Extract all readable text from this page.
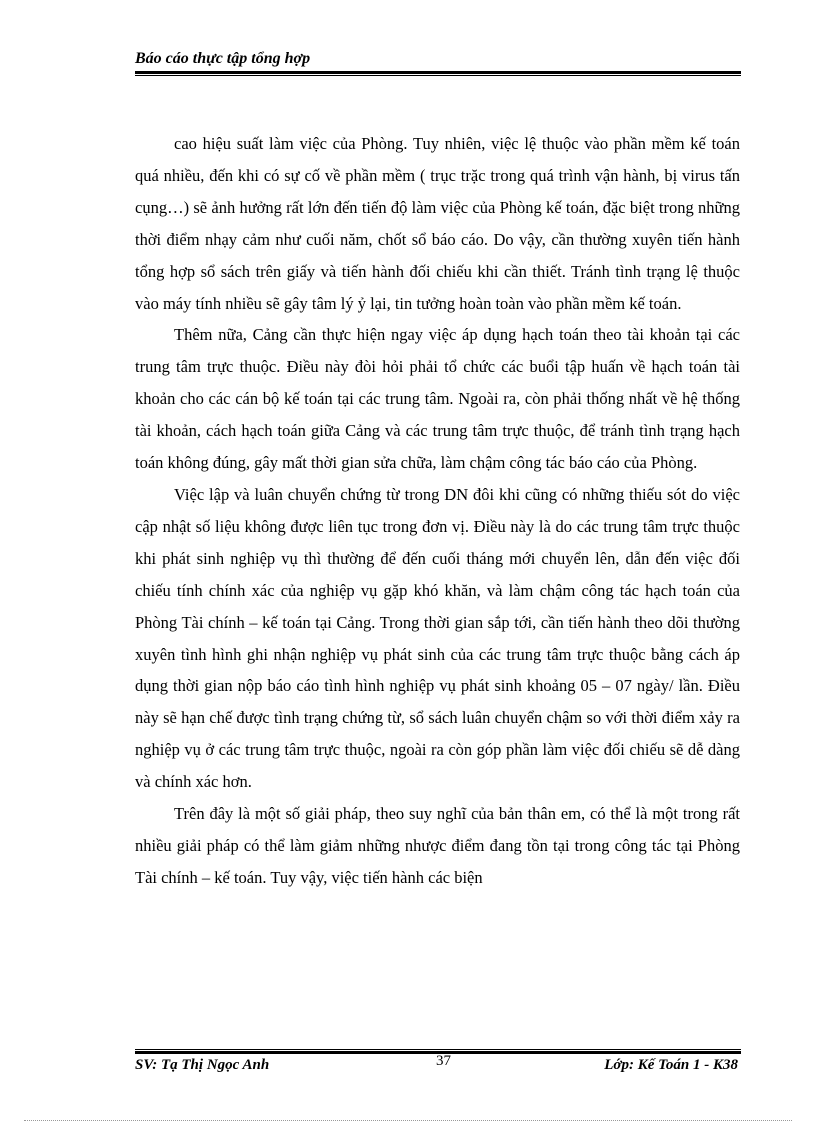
Báo cáo thực tập tổng hợp

cao hiệu suất làm việc của Phòng. Tuy nhiên, việc lệ thuộc vào phần mềm kế toán quá nhiều, đến khi có sự cố về phần mềm ( trục trặc trong quá trình vận hành, bị virus tấn cụng…) sẽ ảnh hưởng rất lớn đến tiến độ làm việc của Phòng kế toán, đặc biệt trong những thời điểm nhạy cảm như cuối năm, chốt sổ báo cáo. Do vậy, cần thường xuyên tiến hành tổng hợp sổ sách trên giấy và tiến hành đối chiếu khi cần thiết. Tránh tình trạng lệ thuộc vào máy tính nhiều sẽ gây tâm lý ỷ lại, tin tưởng hoàn toàn vào phần mềm kế toán.

Thêm nữa, Cảng cần thực hiện ngay việc áp dụng hạch toán theo tài khoản tại các trung tâm trực thuộc. Điều này đòi hỏi phải tổ chức các buổi tập huấn về hạch toán tài khoản cho các cán bộ kế toán tại các trung tâm. Ngoài ra, còn phải thống nhất về hệ thống tài khoản, cách hạch toán giữa Cảng và các trung tâm trực thuộc, để tránh tình trạng hạch toán không đúng, gây mất thời gian sửa chữa, làm chậm công tác báo cáo của Phòng.

Việc lập và luân chuyển chứng từ trong DN đôi khi cũng có những thiếu sót do việc cập nhật số liệu không được liên tục trong đơn vị. Điều này là do các trung tâm trực thuộc khi phát sinh nghiệp vụ thì thường để đến cuối tháng mới chuyển lên, dẫn đến việc đối chiếu tính chính xác của nghiệp vụ gặp khó khăn, và làm chậm công tác hạch toán của Phòng Tài chính – kế toán tại Cảng. Trong thời gian sắp tới, cần tiến hành theo dõi thường xuyên tình hình ghi nhận nghiệp vụ phát sinh của các trung tâm trực thuộc bằng cách áp dụng thời gian nộp báo cáo tình hình nghiệp vụ phát sinh khoảng 05 – 07 ngày/ lần. Điều này sẽ hạn chế được tình trạng chứng từ, sổ sách luân chuyển chậm so với thời điểm xảy ra nghiệp vụ ở các trung tâm trực thuộc, ngoài ra còn góp phần làm việc đối chiếu sẽ dễ dàng và chính xác hơn.

Trên đây là một số giải pháp, theo suy nghĩ của bản thân em, có thể là một trong rất nhiều giải pháp có thể làm giảm những nhược điểm đang tồn tại trong công tác tại Phòng Tài chính – kế toán. Tuy vậy, việc tiến hành các biện

SV: Tạ Thị Ngọc Anh	37	Lớp: Kế Toán 1 - K38
